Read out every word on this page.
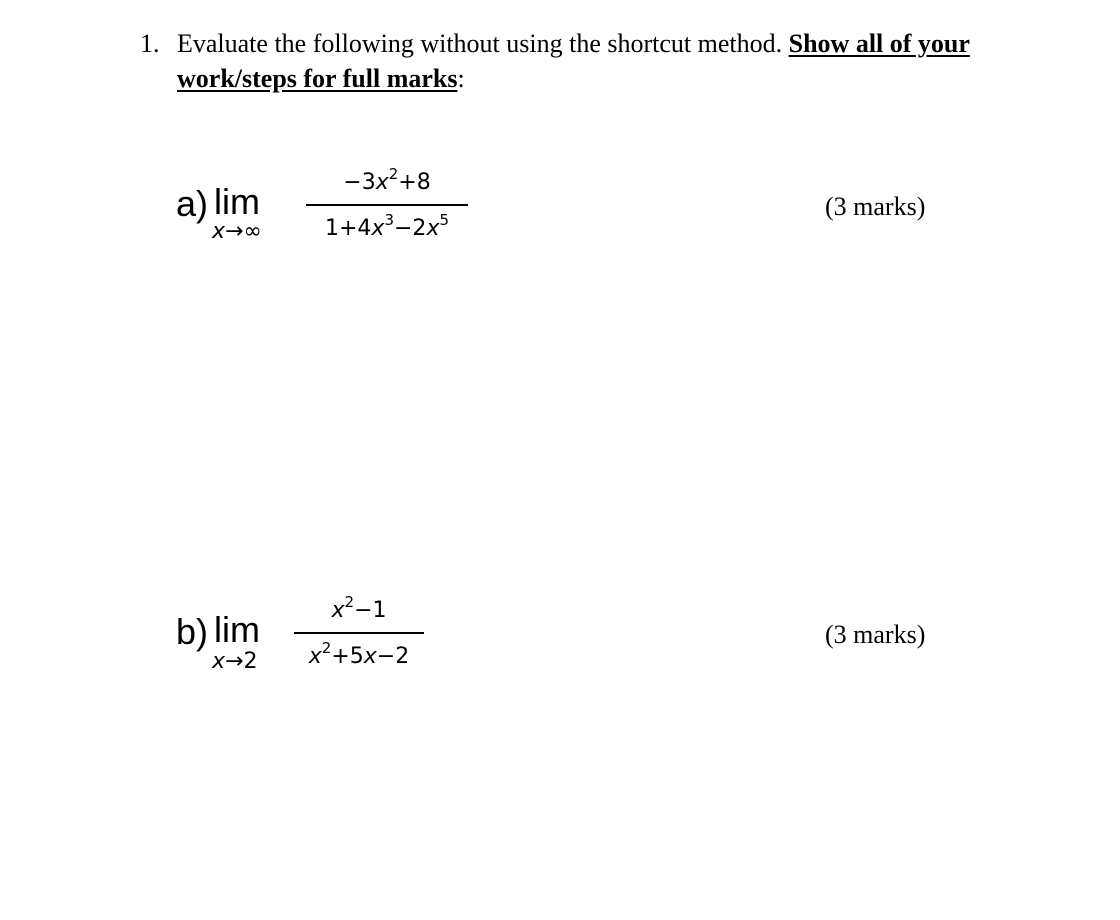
1. Evaluate the following without using the shortcut method. Show all of your work/steps for full marks:
a) lim
x→∞
$-3x^2+8$
$1+4x^3-2x^5$	(3 marks)
b) lim
x→2
$x^2-1$
$x^2+5x-2$
(3 marks)
